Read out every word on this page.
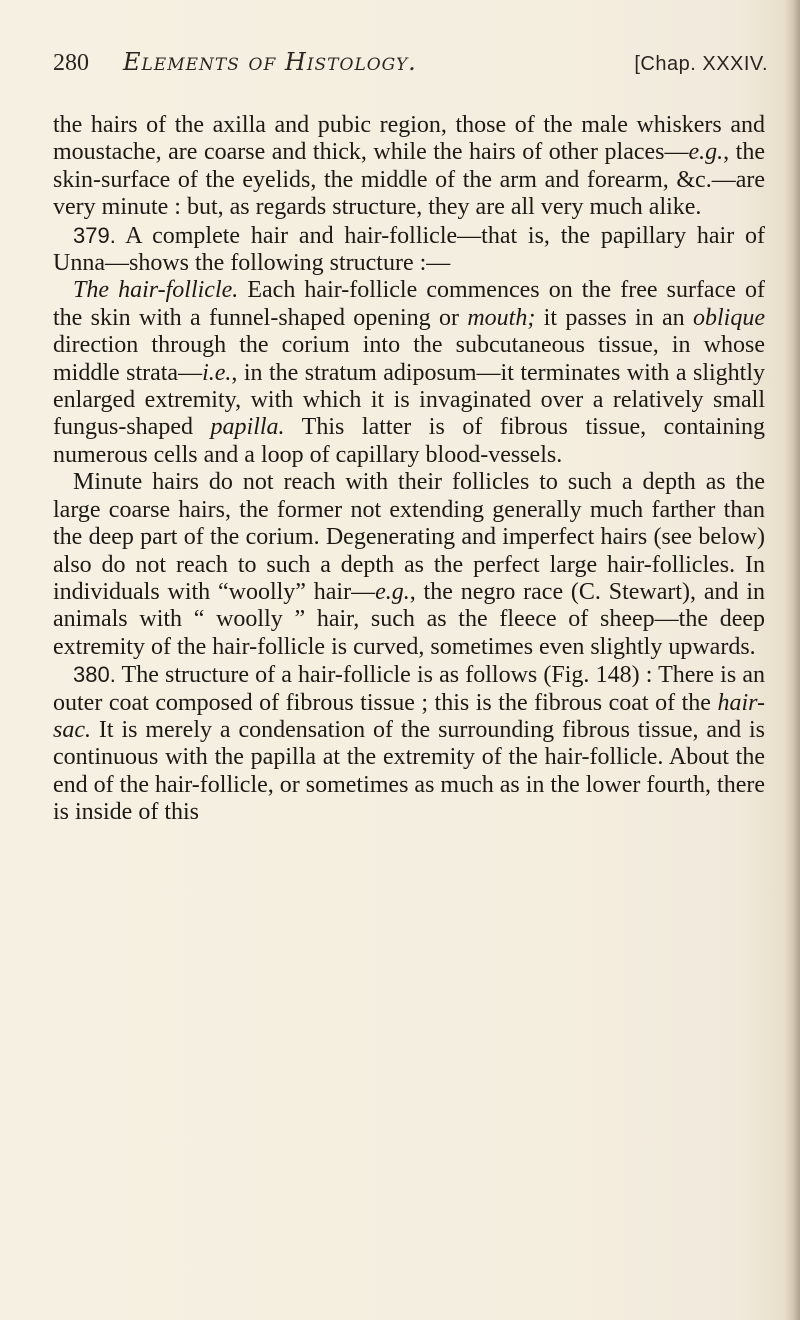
280	Elements of Histology.	[Chap. XXXIV.

the hairs of the axilla and pubic region, those of the male whiskers and moustache, are coarse and thick, while the hairs of other places—e.g., the skin-surface of the eyelids, the middle of the arm and forearm, &c.—are very minute : but, as regards structure, they are all very much alike.

379. A complete hair and hair-follicle—that is, the papillary hair of Unna—shows the following structure :—

The hair-follicle. Each hair-follicle commences on the free surface of the skin with a funnel-shaped opening or mouth; it passes in an oblique direction through the corium into the subcutaneous tissue, in whose middle strata—i.e., in the stratum adiposum—it terminates with a slightly enlarged extremity, with which it is invaginated over a relatively small fungus-shaped papilla. This latter is of fibrous tissue, containing numerous cells and a loop of capillary blood-vessels.

Minute hairs do not reach with their follicles to such a depth as the large coarse hairs, the former not extending generally much farther than the deep part of the corium. Degenerating and imperfect hairs (see below) also do not reach to such a depth as the perfect large hair-follicles. In individuals with “woolly” hair—e.g., the negro race (C. Stewart), and in animals with “ woolly ” hair, such as the fleece of sheep—the deep extremity of the hair-follicle is curved, sometimes even slightly upwards.

380. The structure of a hair-follicle is as follows (Fig. 148) : There is an outer coat composed of fibrous tissue ; this is the fibrous coat of the hair-sac. It is merely a condensation of the surrounding fibrous tissue, and is continuous with the papilla at the extremity of the hair-follicle. About the end of the hair-follicle, or sometimes as much as in the lower fourth, there is inside of this
